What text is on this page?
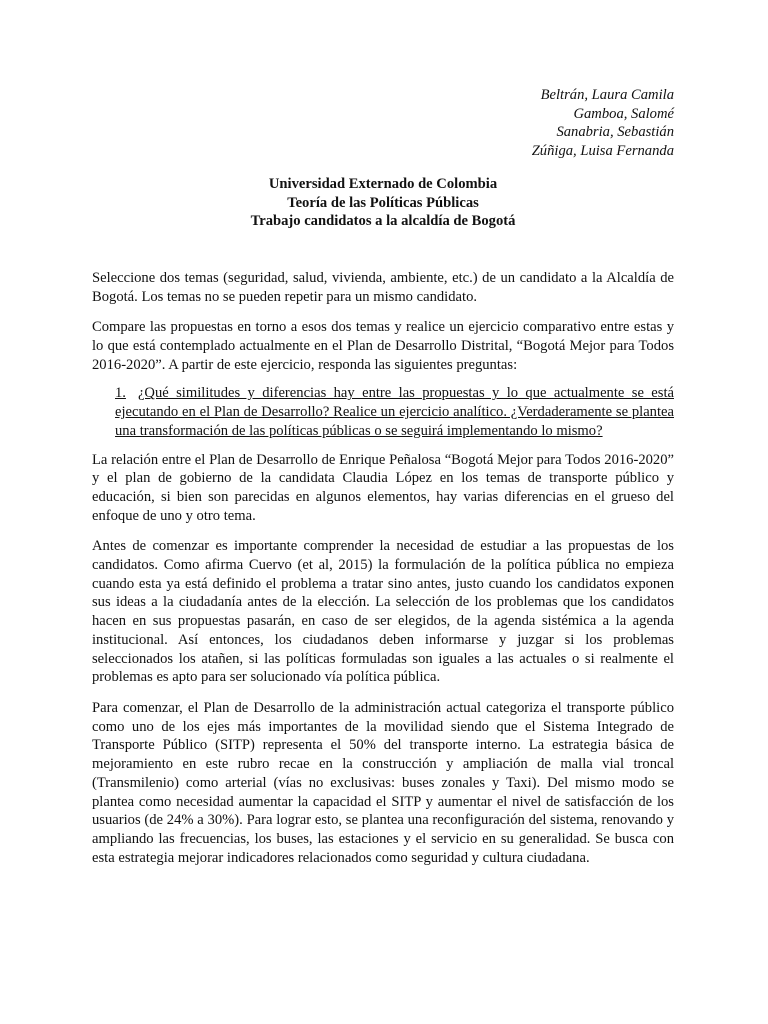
Beltrán, Laura Camila
Gamboa, Salomé
Sanabria, Sebastián
Zúñiga, Luisa Fernanda
Universidad Externado de Colombia
Teoría de las Políticas Públicas
Trabajo candidatos a la alcaldía de Bogotá

Seleccione dos temas (seguridad, salud, vivienda, ambiente, etc.) de un candidato a la Alcaldía de Bogotá. Los temas no se pueden repetir para un mismo candidato.

Compare las propuestas en torno a esos dos temas y realice un ejercicio comparativo entre estas y lo que está contemplado actualmente en el Plan de Desarrollo Distrital, “Bogotá Mejor para Todos 2016-2020”. A partir de este ejercicio, responda las siguientes preguntas:

1. ¿Qué similitudes y diferencias hay entre las propuestas y lo que actualmente se está ejecutando en el Plan de Desarrollo? Realice un ejercicio analítico. ¿Verdaderamente se plantea una transformación de las políticas públicas o se seguirá implementando lo mismo?

La relación entre el Plan de Desarrollo de Enrique Peñalosa “Bogotá Mejor para Todos 2016-2020” y el plan de gobierno de la candidata Claudia López en los temas de transporte público y educación, si bien son parecidas en algunos elementos, hay varias diferencias en el grueso del enfoque de uno y otro tema.

Antes de comenzar es importante comprender la necesidad de estudiar a las propuestas de los candidatos. Como afirma Cuervo (et al, 2015) la formulación de la política pública no empieza cuando esta ya está definido el problema a tratar sino antes, justo cuando los candidatos exponen sus ideas a la ciudadanía antes de la elección. La selección de los problemas que los candidatos hacen en sus propuestas pasarán, en caso de ser elegidos, de la agenda sistémica a la agenda institucional. Así entonces, los ciudadanos deben informarse y juzgar si los problemas seleccionados los atañen, si las políticas formuladas son iguales a las actuales o si realmente el problemas es apto para ser solucionado vía política pública.

Para comenzar, el Plan de Desarrollo de la administración actual categoriza el transporte público como uno de los ejes más importantes de la movilidad siendo que el Sistema Integrado de Transporte Público (SITP) representa el 50% del transporte interno. La estrategia básica de mejoramiento en este rubro recae en la construcción y ampliación de malla vial troncal (Transmilenio) como arterial (vías no exclusivas: buses zonales y Taxi). Del mismo modo se plantea como necesidad aumentar la capacidad el SITP y aumentar el nivel de satisfacción de los usuarios (de 24% a 30%). Para lograr esto, se plantea una reconfiguración del sistema, renovando y ampliando las frecuencias, los buses, las estaciones y el servicio en su generalidad. Se busca con esta estrategia mejorar indicadores relacionados como seguridad y cultura ciudadana.
